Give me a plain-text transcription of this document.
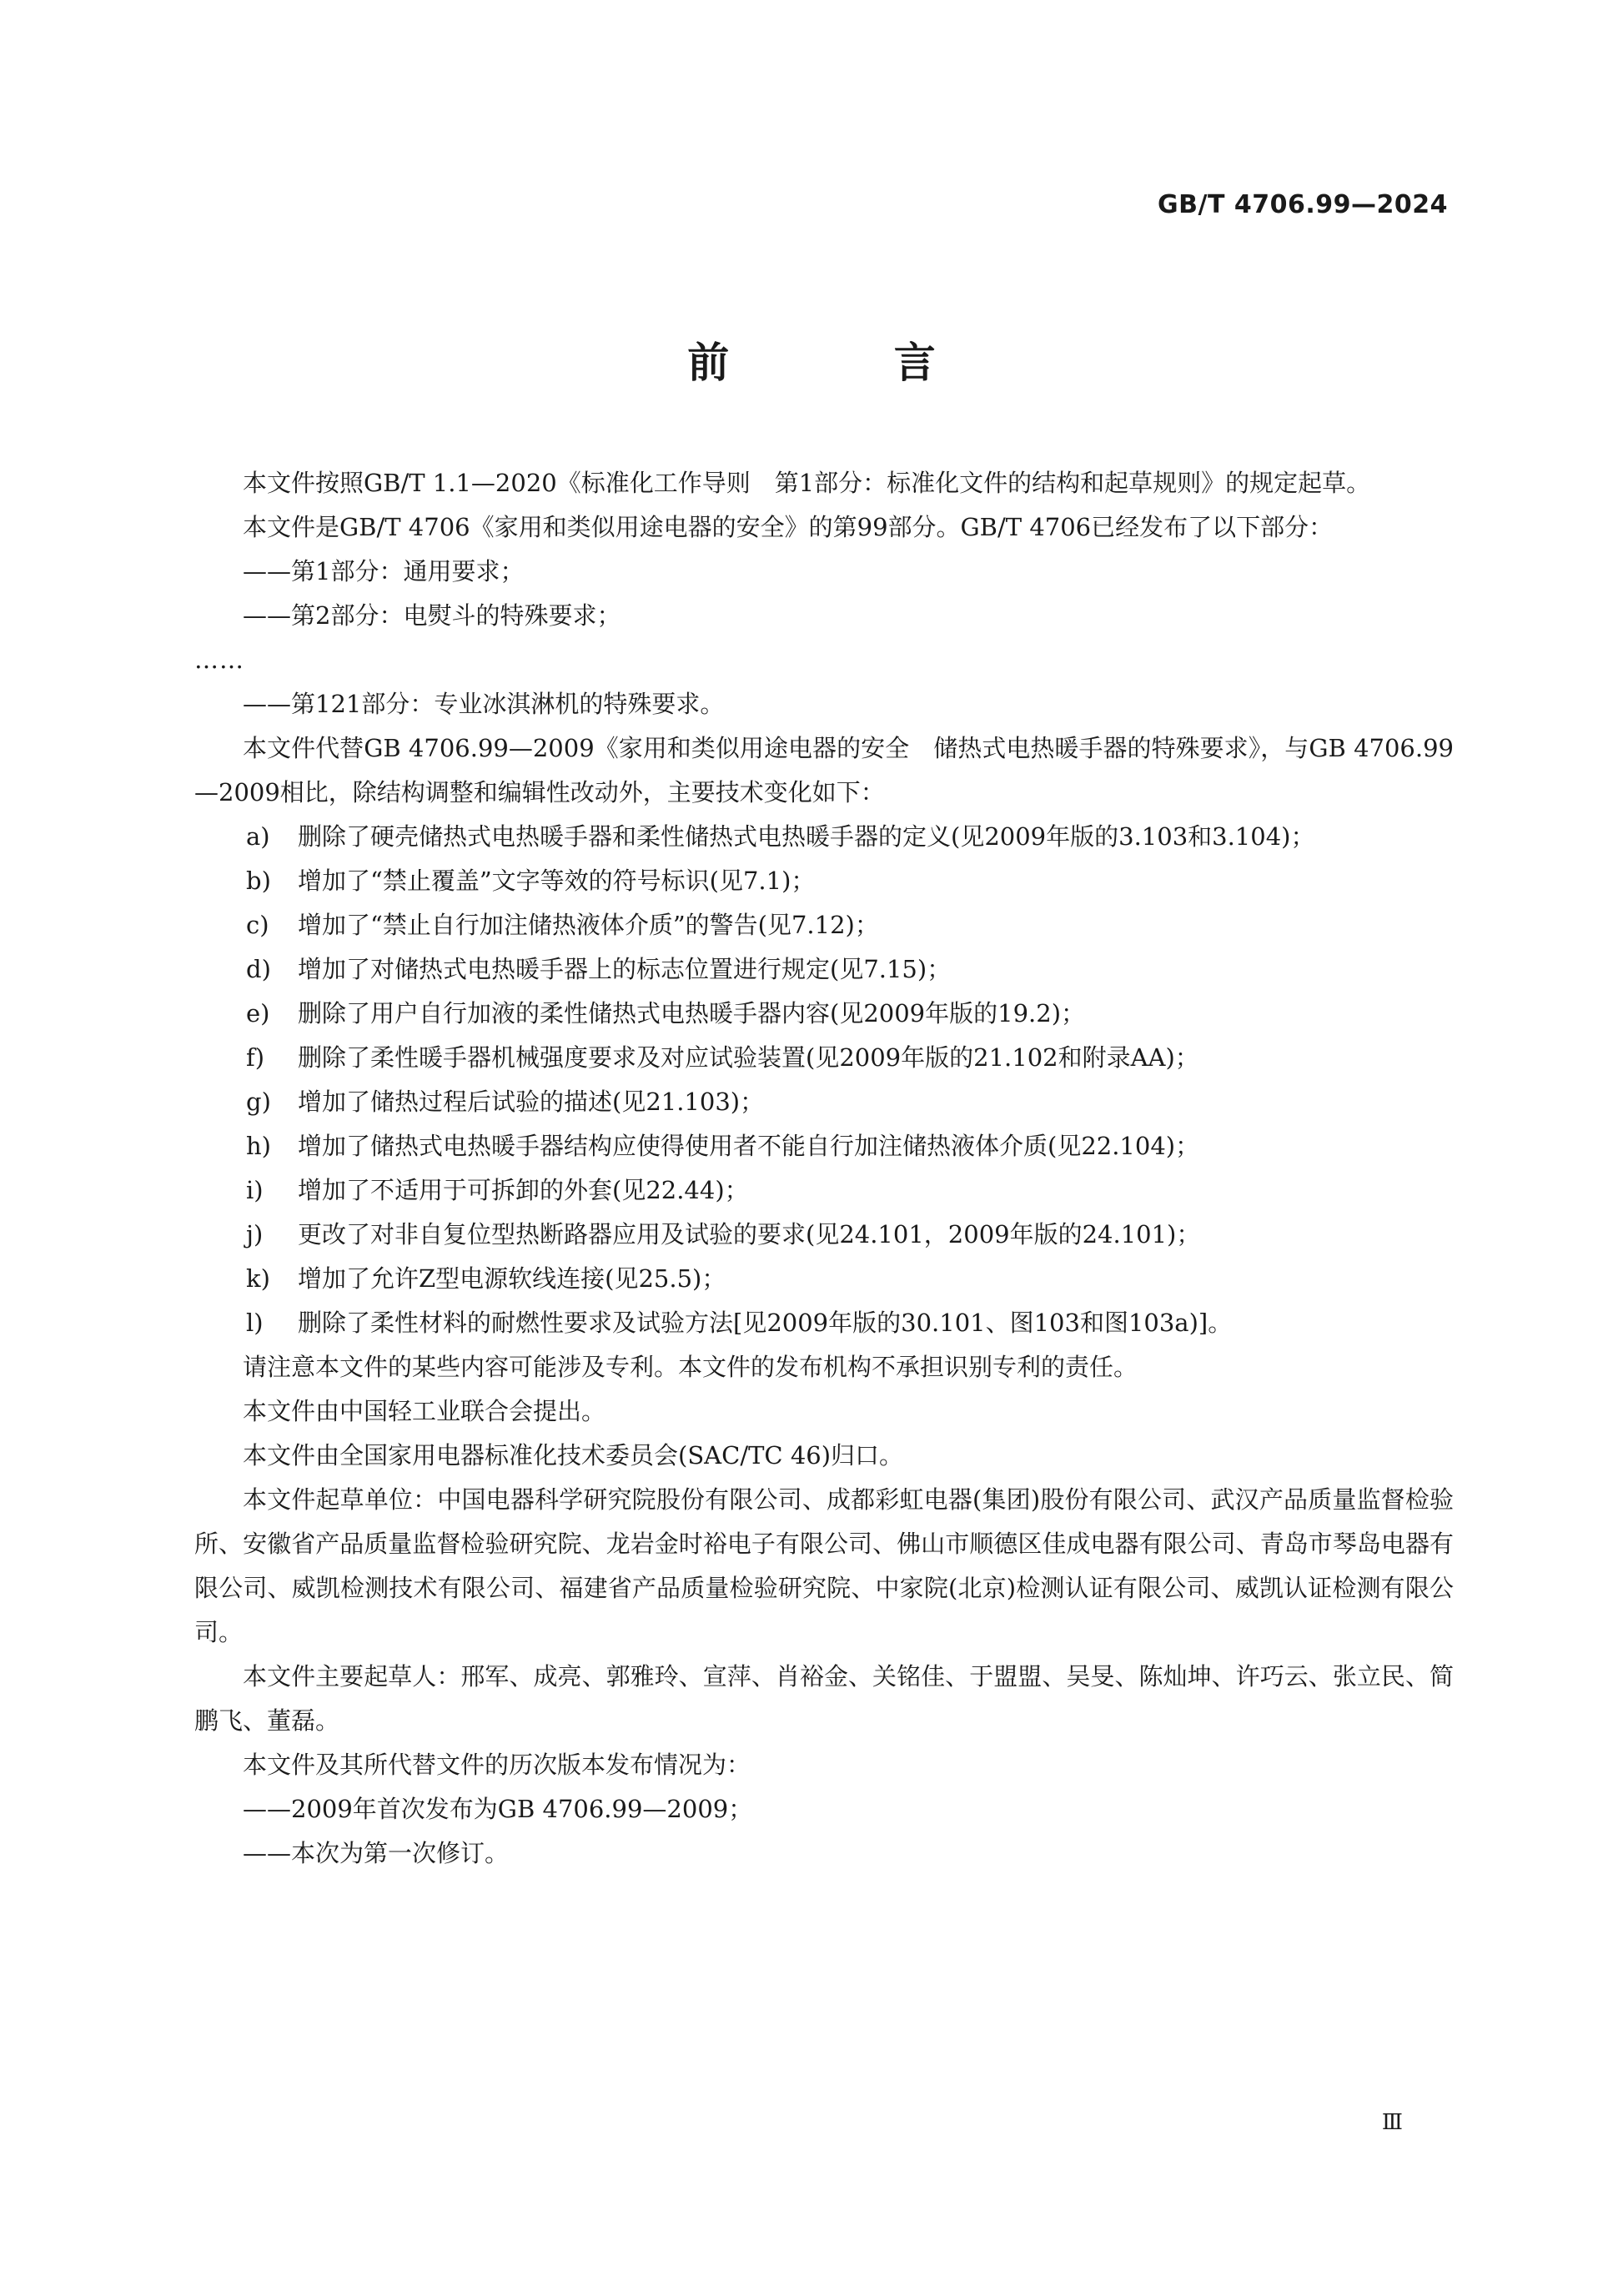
GB/T 4706.99—2024
前 言

本文件按照GB/T 1.1—2020《标准化工作导则　第1部分：标准化文件的结构和起草规则》的规定起草。

本文件是GB/T 4706《家用和类似用途电器的安全》的第99部分。GB/T 4706已经发布了以下部分：

——第1部分：通用要求；

——第2部分：电熨斗的特殊要求；

……

——第121部分：专业冰淇淋机的特殊要求。

本文件代替GB 4706.99—2009《家用和类似用途电器的安全　储热式电热暖手器的特殊要求》，与GB 4706.99—2009相比，除结构调整和编辑性改动外，主要技术变化如下：

a)	删除了硬壳储热式电热暖手器和柔性储热式电热暖手器的定义(见2009年版的3.103和3.104)；
b)	增加了“禁止覆盖”文字等效的符号标识(见7.1)；
c)	增加了“禁止自行加注储热液体介质”的警告(见7.12)；
d)	增加了对储热式电热暖手器上的标志位置进行规定(见7.15)；
e)	删除了用户自行加液的柔性储热式电热暖手器内容(见2009年版的19.2)；
f)	删除了柔性暖手器机械强度要求及对应试验装置(见2009年版的21.102和附录AA)；
g)	增加了储热过程后试验的描述(见21.103)；
h)	增加了储热式电热暖手器结构应使得使用者不能自行加注储热液体介质(见22.104)；
i)	增加了不适用于可拆卸的外套(见22.44)；
j)	更改了对非自复位型热断路器应用及试验的要求(见24.101，2009年版的24.101)；
k)	增加了允许Z型电源软线连接(见25.5)；
l)	删除了柔性材料的耐燃性要求及试验方法[见2009年版的30.101、图103和图103a)]。

请注意本文件的某些内容可能涉及专利。本文件的发布机构不承担识别专利的责任。

本文件由中国轻工业联合会提出。

本文件由全国家用电器标准化技术委员会(SAC/TC 46)归口。

本文件起草单位：中国电器科学研究院股份有限公司、成都彩虹电器(集团)股份有限公司、武汉产品质量监督检验所、安徽省产品质量监督检验研究院、龙岩金时裕电子有限公司、佛山市顺德区佳成电器有限公司、青岛市琴岛电器有限公司、威凯检测技术有限公司、福建省产品质量检验研究院、中家院(北京)检测认证有限公司、威凯认证检测有限公司。

本文件主要起草人：邢军、成亮、郭雅玲、宣萍、肖裕金、关铭佳、于盟盟、吴旻、陈灿坤、许巧云、张立民、简鹏飞、董磊。

本文件及其所代替文件的历次版本发布情况为：

——2009年首次发布为GB 4706.99—2009；

——本次为第一次修订。

Ⅲ
